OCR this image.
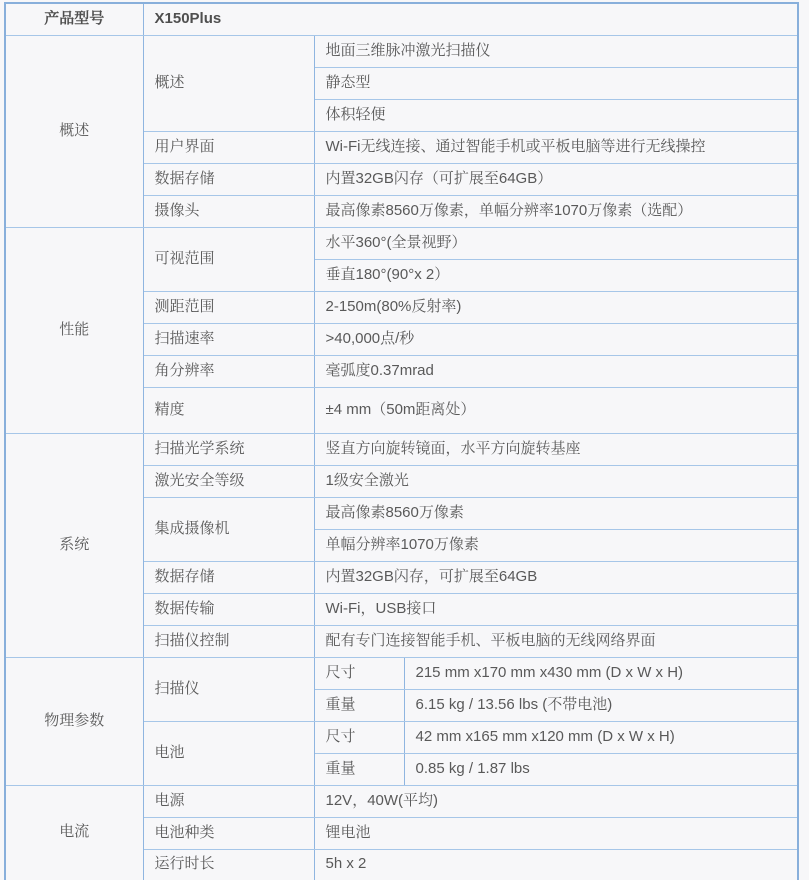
产品型号	X150Plus		
概述	概述	地面三维脉冲激光扫描仪	
		静态型	
		体积轻便	
	用户界面	Wi-Fi无线连接、通过智能手机或平板电脑等进行无线操控	
	数据存储	内置32GB闪存（可扩展至64GB）	
	摄像头	最高像素8560万像素，单幅分辨率1070万像素（选配）	
性能	可视范围	水平360°(全景视野）	
		垂直180°(90°x 2）	
	测距范围	2-150m(80%反射率)	
	扫描速率	>40,000点/秒	
	角分辨率	毫弧度0.37mrad	
	精度	±4 mm（50m距离处）	
系统	扫描光学系统	竖直方向旋转镜面，水平方向旋转基座	
	激光安全等级	1级安全激光	
	集成摄像机	最高像素8560万像素	
		单幅分辨率1070万像素	
	数据存储	内置32GB闪存，可扩展至64GB	
	数据传输	Wi-Fi，USB接口	
	扫描仪控制	配有专门连接智能手机、平板电脑的无线网络界面	
物理参数	扫描仪	尺寸	215 mm x170 mm x430 mm (D x W x H)
		重量	6.15 kg / 13.56 lbs (不带电池)
	电池	尺寸	42 mm x165 mm x120 mm (D x W x H)
		重量	0.85 kg / 1.87 lbs
电流	电源	12V，40W(平均)	
	电池种类	锂电池	
	运行时长	5h x 2	
